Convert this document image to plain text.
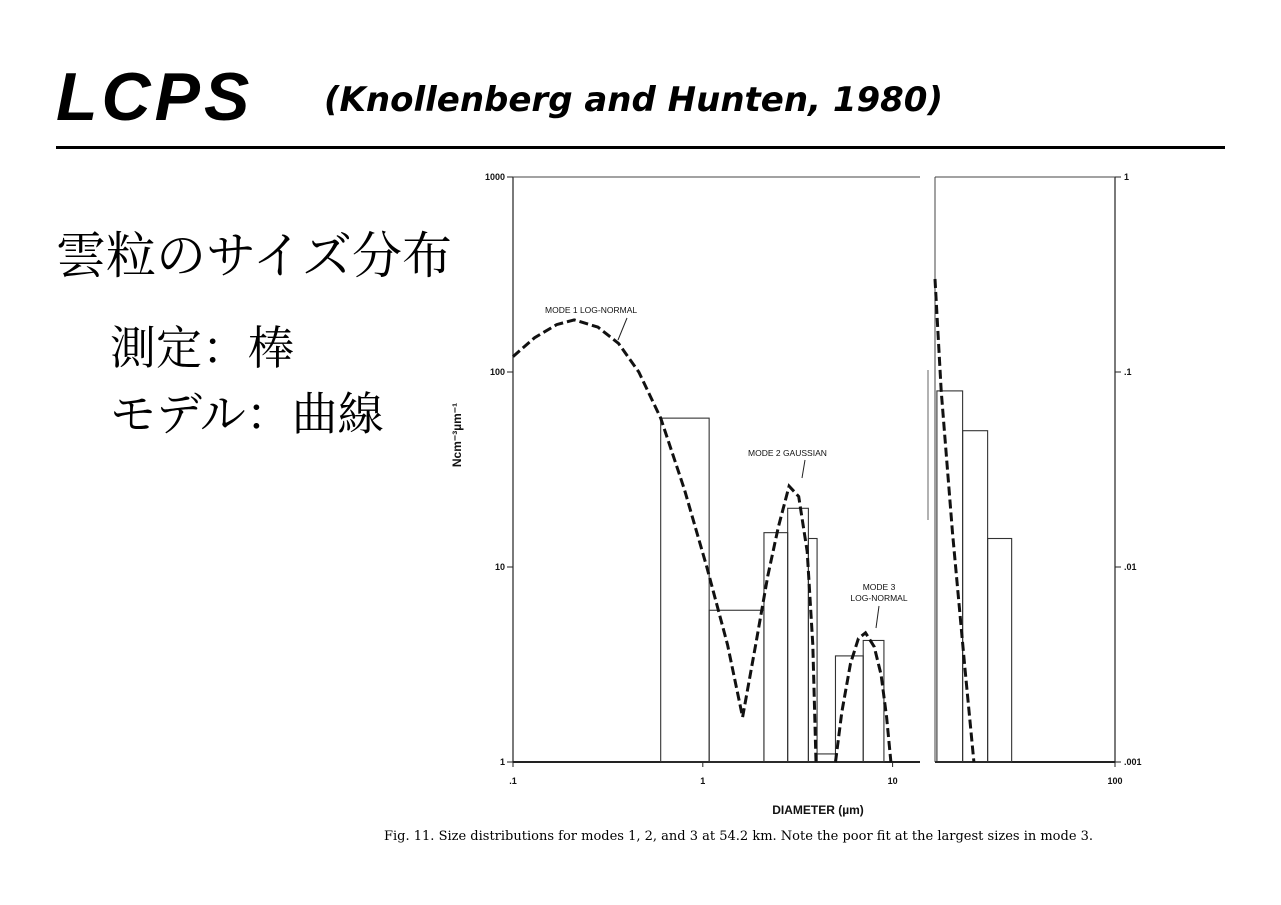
LCPS (Knollenberg and Hunten, 1980)
雲粒のサイズ分布
測定：棒
モデル：曲線
1
10
100
1000
.001
.01
.1
1
.1	1	10	100
DIAMETER (µm)
Ncm⁻³µm⁻¹
MODE 1 LOG-NORMAL
MODE 2 GAUSSIAN
MODE 3
LOG-NORMAL
Fig. 11. Size distributions for modes 1, 2, and 3 at 54.2 km. Note the poor fit at the largest sizes in mode 3.
